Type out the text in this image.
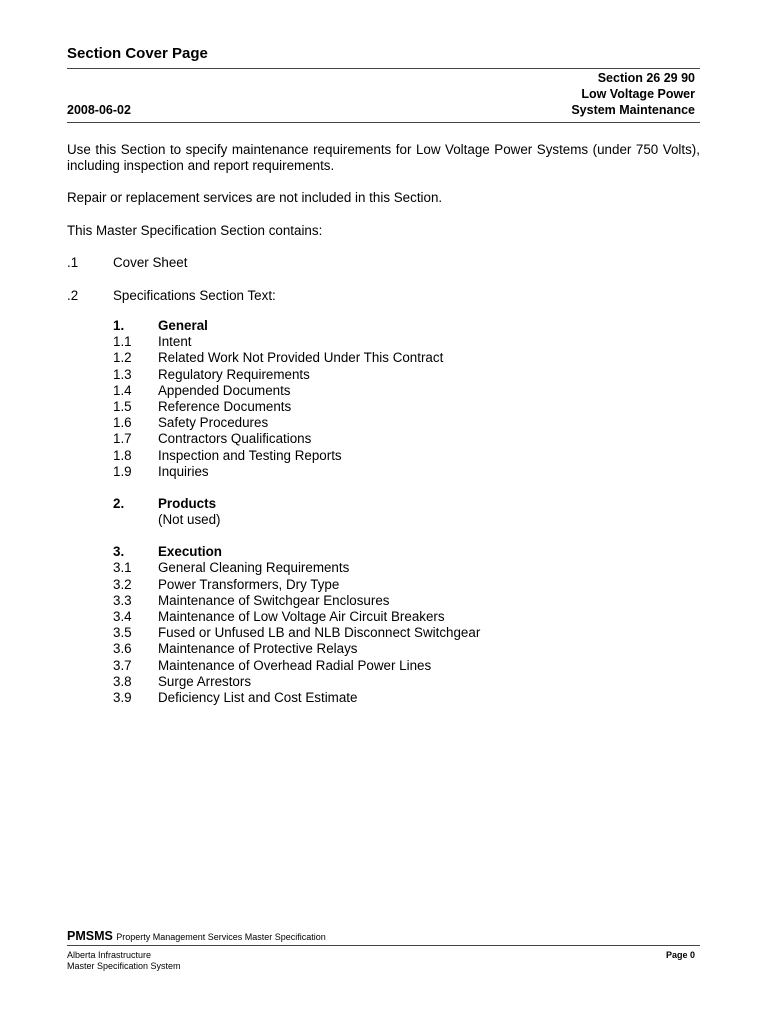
Section Cover Page
Section 26 29 90
Low Voltage Power
System Maintenance
2008-06-02

Use this Section to specify maintenance requirements for Low Voltage Power Systems (under 750 Volts), including inspection and report requirements.

Repair or replacement services are not included in this Section.

This Master Specification Section contains:

.1	Cover Sheet
.2	Specifications Section Text:
1.	General
1.1 Intent
1.2 Related Work Not Provided Under This Contract
1.3 Regulatory Requirements
1.4 Appended Documents
1.5 Reference Documents
1.6 Safety Procedures
1.7 Contractors Qualifications
1.8 Inspection and Testing Reports
1.9 Inquiries
2.	Products
(Not used)
3.	Execution
3.1 General Cleaning Requirements
3.2 Power Transformers, Dry Type
3.3 Maintenance of Switchgear Enclosures
3.4 Maintenance of Low Voltage Air Circuit Breakers
3.5 Fused or Unfused LB and NLB Disconnect Switchgear
3.6 Maintenance of Protective Relays
3.7 Maintenance of Overhead Radial Power Lines
3.8 Surge Arrestors
3.9 Deficiency List and Cost Estimate
PMSMS Property Management Services Master Specification
Alberta Infrastructure
Master Specification System
Page 0
